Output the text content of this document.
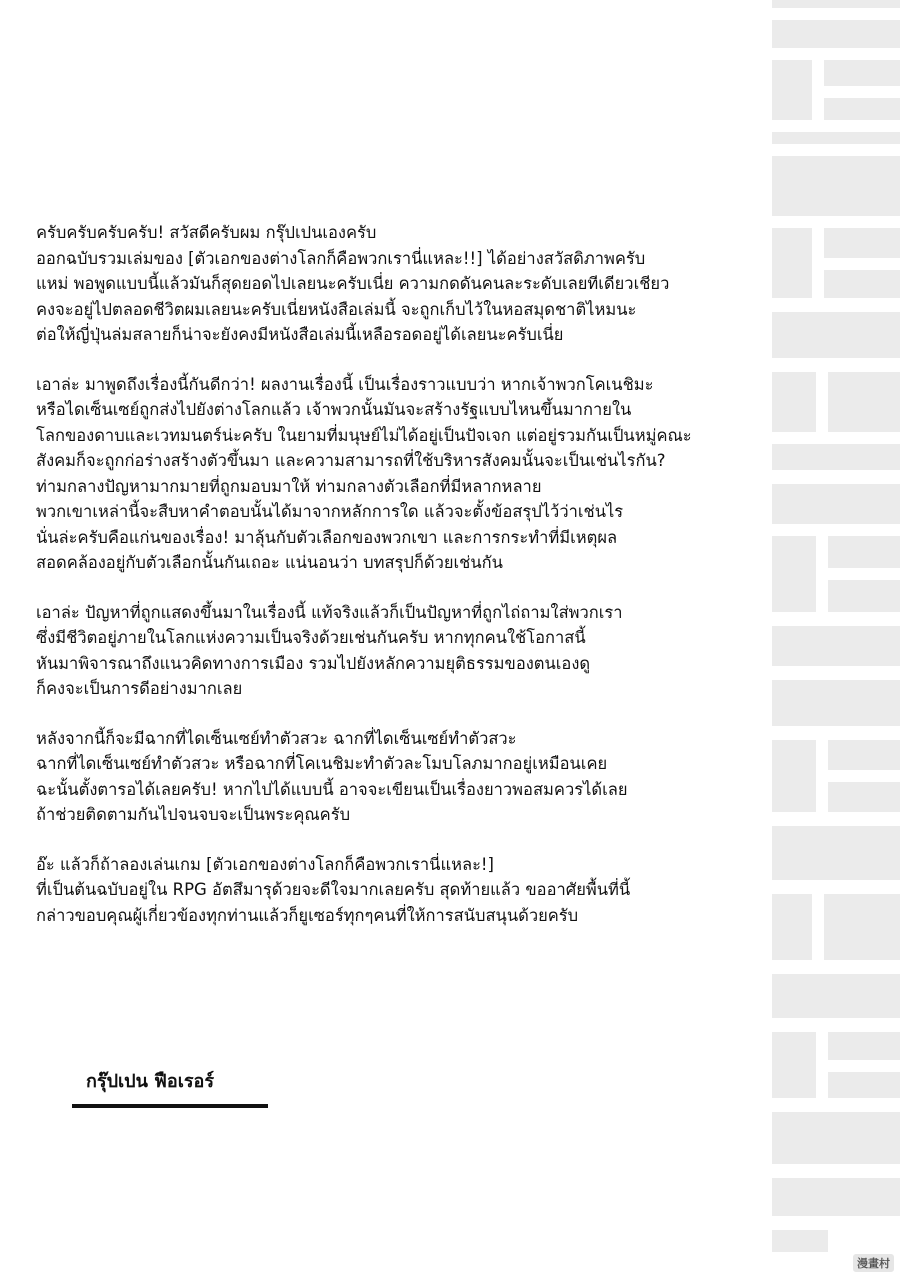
ครับครับครับครับ! สวัสดีครับผม กรุ๊ปเปนเองครับ
ออกฉบับรวมเล่มของ [ตัวเอกของต่างโลกก็คือพวกเรานี่แหละ!!] ได้อย่างสวัสดิภาพครับ
แหม่ พอพูดแบบนี้แล้วมันก็สุดยอดไปเลยนะครับเนี่ย ความกดดันคนละระดับเลยทีเดียวเชียว
คงจะอยู่ไปตลอดชีวิตผมเลยนะครับเนี่ยหนังสือเล่มนี้ จะถูกเก็บไว้ในหอสมุดชาติไหมนะ
ต่อให้ญี่ปุ่นล่มสลายก็น่าจะยังคงมีหนังสือเล่มนี้เหลือรอดอยู่ได้เลยนะครับเนี่ย

เอาล่ะ มาพูดถึงเรื่องนี้กันดีกว่า! ผลงานเรื่องนี้ เป็นเรื่องราวแบบว่า หากเจ้าพวกโคเนชิมะ
หรือไดเซ็นเซย์ถูกส่งไปยังต่างโลกแล้ว เจ้าพวกนั้นมันจะสร้างรัฐแบบไหนขึ้นมากายใน
โลกของดาบและเวทมนตร์น่ะครับ ในยามที่มนุษย์ไม่ได้อยู่เป็นปัจเจก แต่อยู่รวมกันเป็นหมู่คณะ
สังคมก็จะถูกก่อร่างสร้างตัวขึ้นมา และความสามารถที่ใช้บริหารสังคมนั้นจะเป็นเช่นไรกัน?
ท่ามกลางปัญหามากมายที่ถูกมอบมาให้ ท่ามกลางตัวเลือกที่มีหลากหลาย
พวกเขาเหล่านี้จะสืบหาคำตอบนั้นได้มาจากหลักการใด แล้วจะตั้งข้อสรุปไว้ว่าเช่นไร
นั่นล่ะครับคือแก่นของเรื่อง! มาลุ้นกับตัวเลือกของพวกเขา และการกระทำที่มีเหตุผล
สอดคล้องอยู่กับตัวเลือกนั้นกันเถอะ แน่นอนว่า บทสรุปก็ด้วยเช่นกัน

เอาล่ะ ปัญหาที่ถูกแสดงขึ้นมาในเรื่องนี้ แท้จริงแล้วก็เป็นปัญหาที่ถูกไถ่ถามใส่พวกเรา
ซึ่งมีชีวิตอยู่ภายในโลกแห่งความเป็นจริงด้วยเช่นกันครับ หากทุกคนใช้โอกาสนี้
หันมาพิจารณาถึงแนวคิดทางการเมือง รวมไปยังหลักความยุติธรรมของตนเองดู
ก็คงจะเป็นการดีอย่างมากเลย

หลังจากนี้ก็จะมีฉากที่ไดเซ็นเซย์ทำตัวสวะ ฉากที่ไดเซ็นเซย์ทำตัวสวะ
ฉากที่ไดเซ็นเซย์ทำตัวสวะ หรือฉากที่โคเนชิมะทำตัวละโมบโลภมากอยู่เหมือนเคย
ฉะนั้นตั้งตารอได้เลยครับ! หากไปได้แบบนี้ อาจจะเขียนเป็นเรื่องยาวพอสมควรได้เลย
ถ้าช่วยติดตามกันไปจนจบจะเป็นพระคุณครับ

อ๊ะ แล้วก็ถ้าลองเล่นเกม [ตัวเอกของต่างโลกก็คือพวกเรานี่แหละ!]
ที่เป็นต้นฉบับอยู่ใน RPG อัตสึมารุด้วยจะดีใจมากเลยครับ สุดท้ายแล้ว ขออาศัยพื้นที่นี้
กล่าวขอบคุณผู้เกี่ยวข้องทุกท่านแล้วก็ยูเซอร์ทุกๆคนที่ให้การสนับสนุนด้วยครับ

กรุ๊ปเปน ฟือเรอร์
漫畫村
